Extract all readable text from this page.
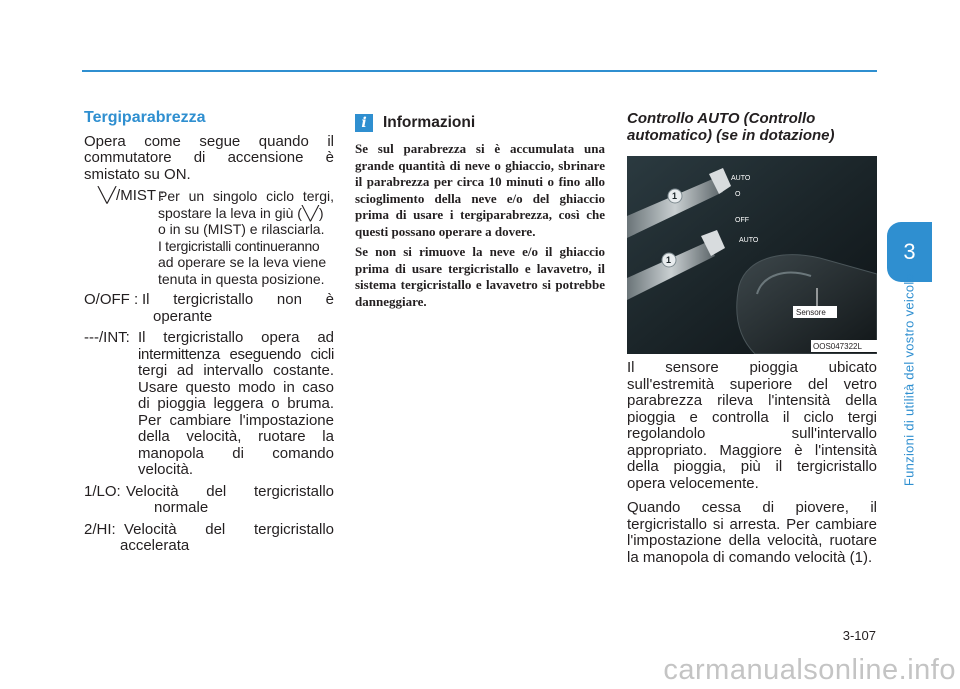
3
Funzioni di utilità del vostro veicolo
Tergiparabrezza
Opera come segue quando il commutatore di accensione è smistato su ON.
╲╱/MIST :
Per un singolo ciclo tergi,
spostare la leva in giù (╲╱)
o in su (MIST) e rilasciarla.
I tergicristalli continueranno
ad operare se la leva viene
tenuta in questa posizione.
O/OFF : Il tergicristallo non è
operante
---/INT: Il tergicristallo opera ad
intermittenza eseguendo cicli
tergi ad intervallo costante.
Usare questo modo in caso
di pioggia leggera o bruma.
Per cambiare l'impostazione
della velocità, ruotare la
manopola di comando
velocità.
1/LO: Velocità del tergicristallo
normale
2/HI: Velocità del tergicristallo
accelerata
i	Informazioni

Se sul parabrezza si è accumulata una grande quantità di neve o ghiaccio, sbrinare il parabrezza per circa 10 minuti o fino allo scioglimento della neve e/o del ghiaccio prima di usare i tergiparabrezza, così che questi possano operare a dovere.

Se non si rimuove la neve e/o il ghiaccio prima di usare tergicristallo e lavavetro, il sistema tergicristallo e lavavetro si potrebbe danneggiare.

Controllo AUTO (Controllo automatico) (se in dotazione)
AUTO
O
OFF
AUTO
1
1
Sensore
OOS047322L

Il sensore pioggia ubicato sull'estremità superiore del vetro parabrezza rileva l'intensità della pioggia e controlla il ciclo tergi regolandolo sull'intervallo appropriato. Maggiore è l'intensità della pioggia, più il tergicristallo opera velocemente.

Quando cessa di piovere, il tergicristallo si arresta. Per cambiare l'impostazione della velocità, ruotare la manopola di comando velocità (1).

3-107
carmanualsonline.info
